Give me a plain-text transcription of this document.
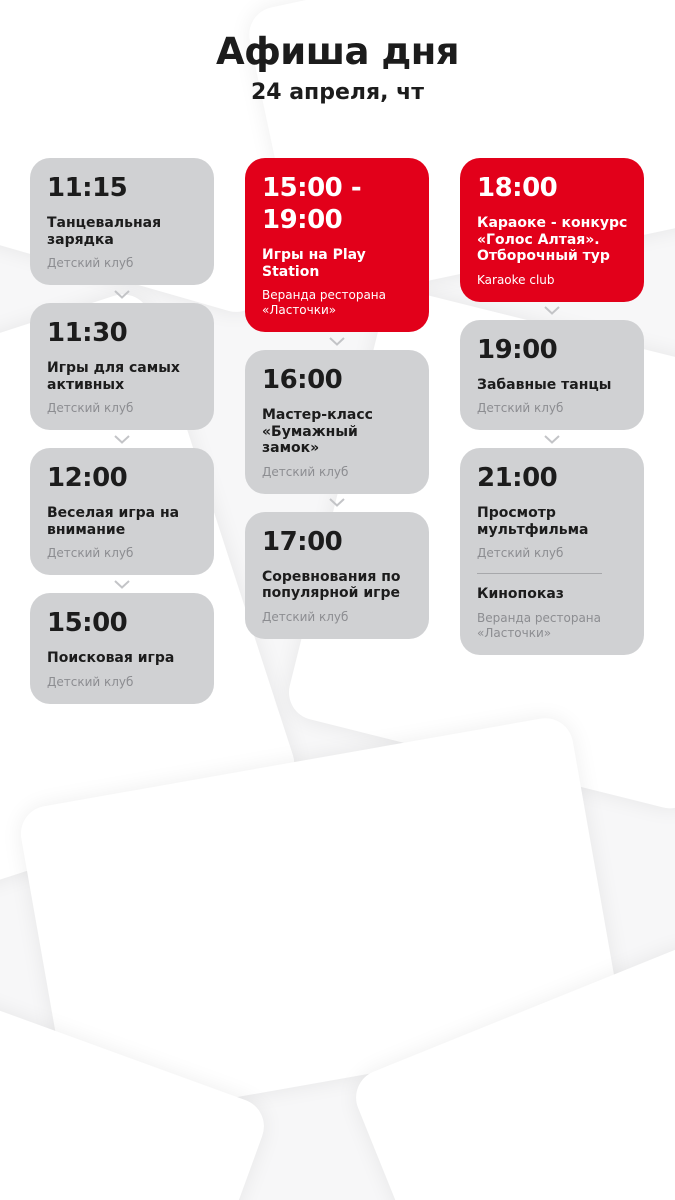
Афиша дня
24 апреля, чт
11:15
Танцевальная зарядка
Детский клуб
11:30
Игры для самых активных
Детский клуб
12:00
Веселая игра на внимание
Детский клуб
15:00
Поисковая игра
Детский клуб
15:00 - 19:00
Игры на Play Station
Веранда ресторана «Ласточки»
16:00
Мастер-класс «Бумажный замок»
Детский клуб
17:00
Соревнования по популярной игре
Детский клуб
18:00
Караоке - конкурс «Голос Алтая». Отборочный тур
Karaoke club
19:00
Забавные танцы
Детский клуб
21:00
Просмотр мультфильма
Детский клуб
Кинопоказ
Веранда ресторана «Ласточки»
